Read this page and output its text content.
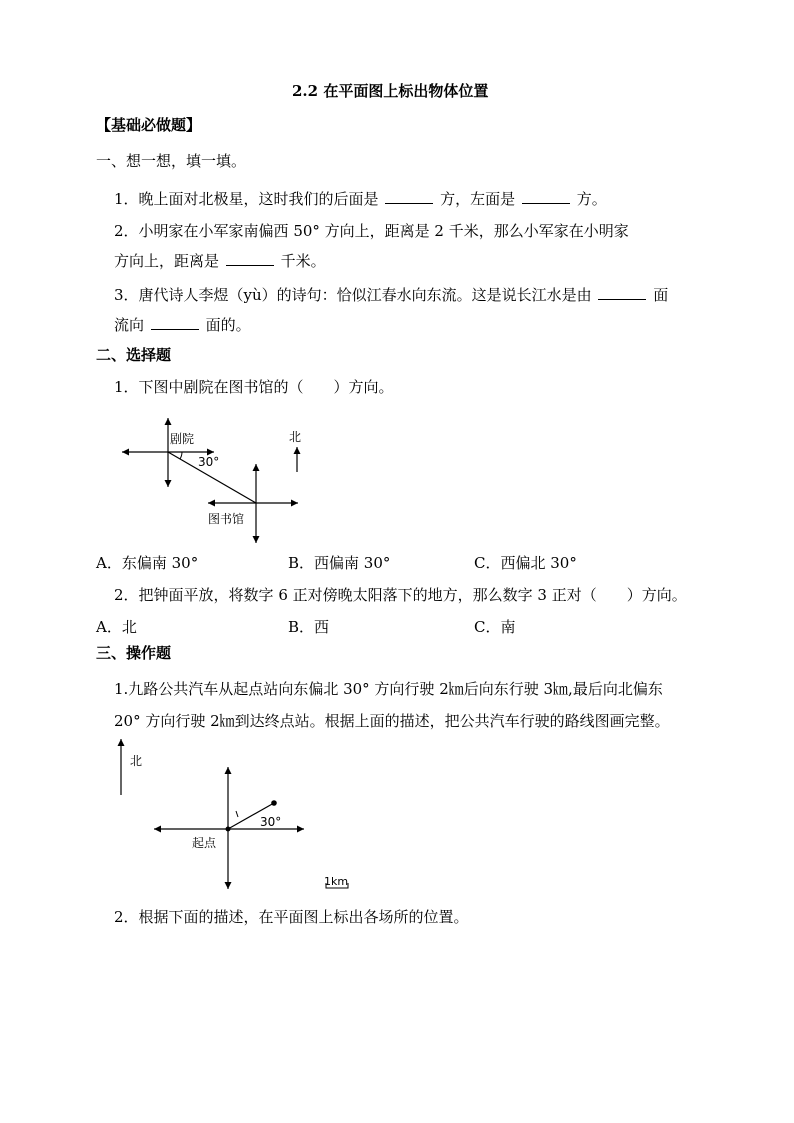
2.2 在平面图上标出物体位置
【基础必做题】
一、想一想，填一填。
1．晚上面对北极星，这时我们的后面是	方，左面是	方。
2．小明家在小军家南偏西 50° 方向上，距离是 2 千米，那么小军家在小明家
方向上，距离是	千米。
3．唐代诗人李煜（yù）的诗句：恰似江春水向东流。这是说长江水是由	面
流向	面的。
二、选择题
1．下图中剧院在图书馆的（　　）方向。
剧院
30°
图书馆
北
A．东偏南 30°	B．西偏南 30°	C．西偏北 30°
2．把钟面平放，将数字 6 正对傍晚太阳落下的地方，那么数字 3 正对（　　）方向。
A．北	B．西	C．南
三、操作题
1.九路公共汽车从起点站向东偏北 30° 方向行驶 2㎞后向东行驶 3㎞,最后向北偏东
20° 方向行驶 2㎞到达终点站。根据上面的描述，把公共汽车行驶的路线图画完整。
北
30°
起点
1km
2．根据下面的描述，在平面图上标出各场所的位置。
